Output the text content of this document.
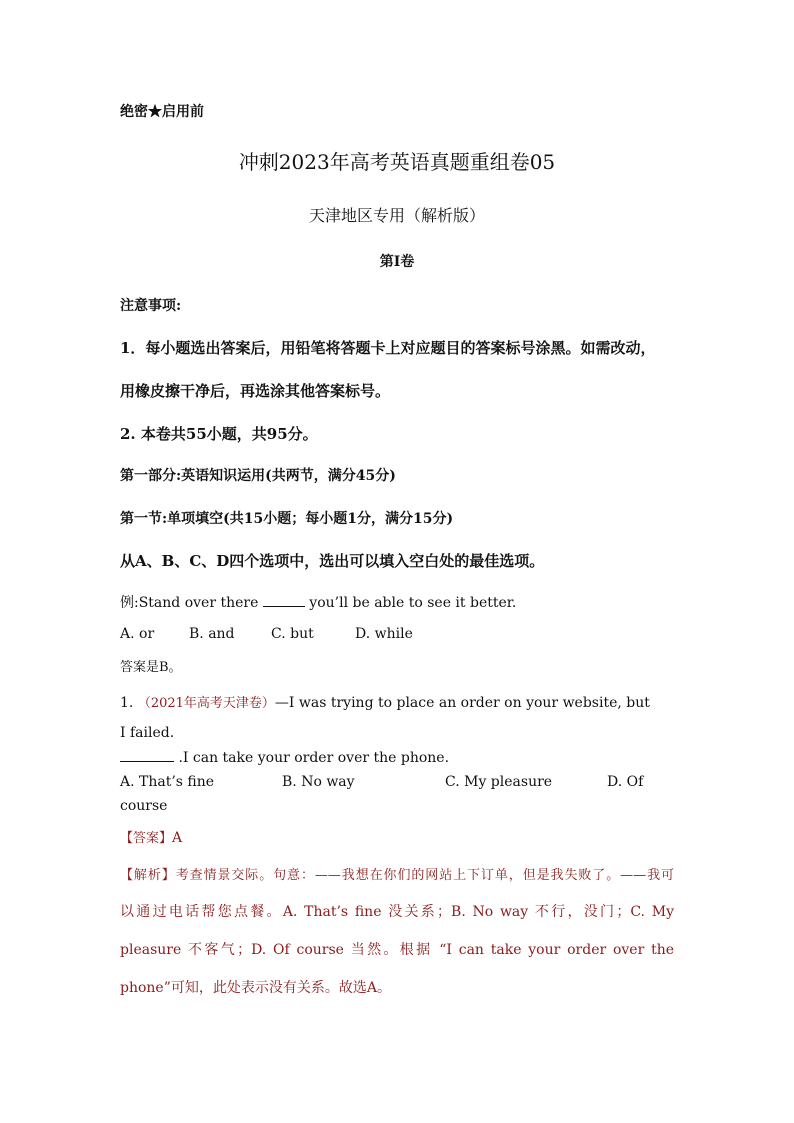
绝密★启用前
冲刺2023年高考英语真题重组卷05
天津地区专用（解析版）
第I卷
注意事项:
1．每小题选出答案后，用铅笔将答题卡上对应题目的答案标号涂黑。如需改动，
用橡皮擦干净后，再选涂其他答案标号。
2. 本卷共55小题，共95分。
第一部分:英语知识运用(共两节，满分45分)
第一节:单项填空(共15小题；每小题1分，满分15分)
从A、B、C、D四个选项中，选出可以填入空白处的最佳选项。
例:Stand over there	you’ll be able to see it better.
A. or B. and	C. but	D. while
答案是B。
1. （2021年高考天津卷）—I was trying to place an order on your website, but
I failed.
.I can take your order over the phone.
A. That’s fine	B. No way	C. My pleasure	D. Of
course
【答案】A
【解析】考查情景交际。句意：——我想在你们的网站上下订单，但是我失败了。——我可
以通过电话帮您点餐。A. That’s fine 没关系；B. No way 不行，没门；C. My
pleasure 不客气；D. Of course 当然。根据 “I can take your order over the
phone”可知，此处表示没有关系。故选A。
